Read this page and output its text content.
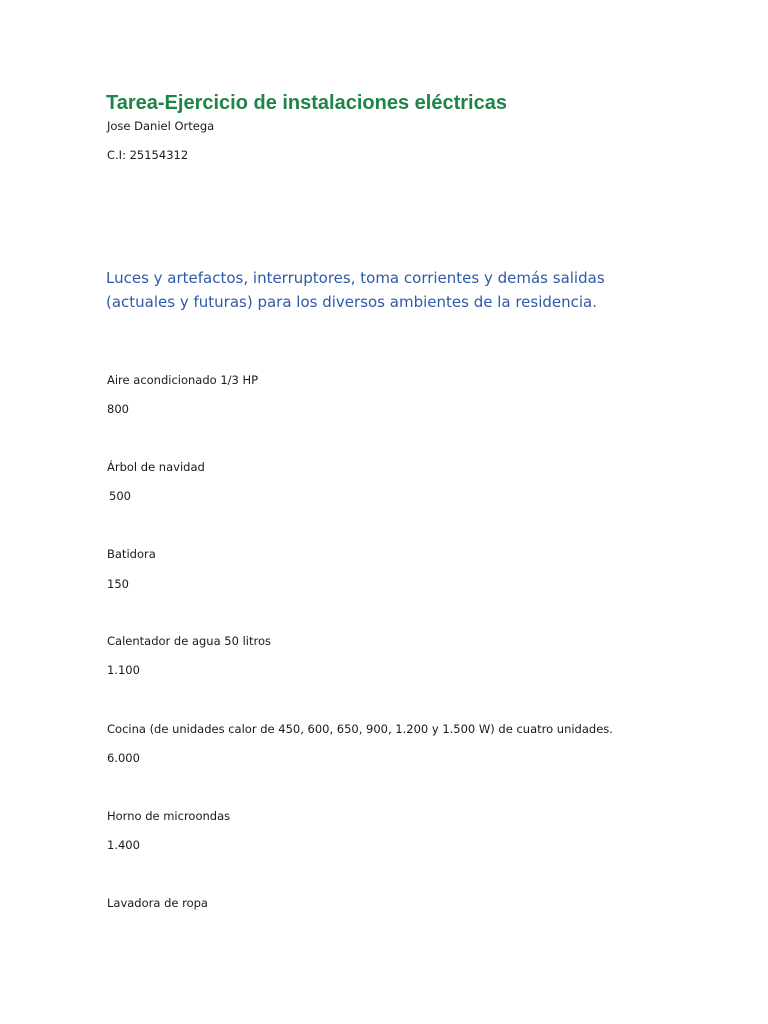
Tarea-Ejercicio de instalaciones eléctricas

Jose Daniel Ortega

C.I: 25154312

Luces y artefactos, interruptores, toma corrientes y demás salidas (actuales y futuras) para los diversos ambientes de la residencia.

Aire acondicionado 1/3 HP

800

Árbol de navidad

500

Batidora

150

Calentador de agua 50 litros

1.100

Cocina (de unidades calor de 450, 600, 650, 900, 1.200 y 1.500 W) de cuatro unidades.

6.000

Horno de microondas

1.400

Lavadora de ropa
